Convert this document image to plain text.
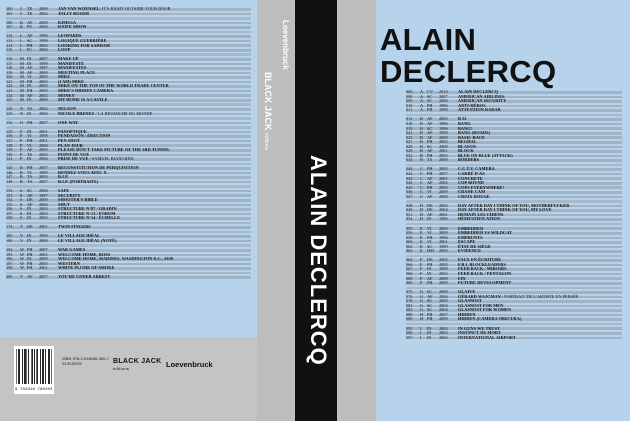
100	J	TE	2009	JAN VAN WOENSEL/ IT'S RIGHT OUTSIDE YOUR DOOR
101	J	TE	2002	JOLLY ROGER
106	K AF	2009	KIMUSA
107	K PS	2006	KNIFE SHOW
112	L	AF	1999	LEOPARDS
113	L	SC	1999	LOGIQUE GUERRIÈRE
114	L	PH	2003	LOOKING FOR SADDAM
115	L	PC	2006	LOOP
116	M IN	2007	MAKE UP
117	M IN	1999	MANIFESTE
118	M AF	1997	MANIFESTES
119	M AF	2009	MEETING PLACE
120	M VI	2005	MIKE
121	M PH	2005	(I AM) MIKE
122	M IN	2005	MIKE ON THE TOP OF THE WORLD TRADE CENTER
123	M PH	2005	MIKE'S HIDDEN CAMERA
124	M AF	2002	MONEY
125	M IN	2009	MY HOME IS A CASTLE
128	N TA	2002	NELSON
129	N IN	2006	NICOLE BRENEZ / LA REVANCHE DU MONDE
132	O PH	2007	ONE WAY
135	P	IN	2001	PANOPTIQUE
136	P	VI	1998	PENDAISON / ÉRECTION
137	P	PH	2001	PEN SHOT
138	P	VI	2006	PLAN JOUR
139	P	AF	2009	PLEASE DON'T TAKE PICTURE OF THE 3RD TUNNEL
140	P	TA	2005	POINT DE VUE
141	P	IN	2006	PRISE DE VUE / SAMUEL BIANCHINI
145	R PH	2007	RECONSTITUTION DE PERQUISITION
146	R VI	1999	RENDEZ-VOUS AVEC X
147	R TA	2003	R.I.P.
148	R TA	2007	R.I.P. (PORTRAITS)
152	S	SC	2006	SAFE
153	S	AF	1997	SECURITY
154	S	DE	2009	SHOOTER'S BIBLE
155	S	AF	2006	SHUT
156	S	IN	2003	STRUCTURE N°87 / GRADIN
157	S	IN	2003	STRUCTURE N°13 / FORUM
158	S	IN	2003	STRUCTURE N°14 / ÉCHELLE
174	T	DE	2001	TWIN FINGERS
185	V IN	1999	LE VILLAGE IDÉAL
186	V IN	2000	LE VILLAGE IDÉAL (NOYÉ)
194	W PH	2007	WAR GAMES
195	W PH	2001	WELCOME HOME, BOSS
196	W IN	2009	WELCOME HOME, MARINES, WASHINGTON D.C., 2030
197	W PH	2005	WESTERN
198	W PH	2001	WHITE PLUME OF SMOKE
200	Y AF	2007	YOU'RE UNDER ARREST
9 782918 780203
ISBN 978-2-918046-500-7
23 EUROS	BLACK JACK
éditions	Loevenbruck
Loevenbruck
BLACK JACK éditions
ALAIN DECLERCQ
006	A CV	2010	ALAIN DECLERCQ
008	A SC	2007	AMERICAN AIRLINES
009	A SC	2006	AMERICAN SECURITY
010	A PH	1996	ANTI-HÉROS
011	A PH	1999	ATTENTION RADAR
012	B AF	2003	B 52
018	B AF	1996	BANG
019	B SC	1996	BANG!
021	B AF	1999	BANG (ROADS)
025	B AF	2009	BASIC RACE
027	B PH	2005	BEGHAL
028	B SC	2009	BLASON
029	B AF	2001	BLOCK
032	B PH	2005	BLUE ON BLUE (ATTACK)
034	B TA	2009	BORDERS
040	C PH	2005	C.C.T.V. CAMERA
042	C PH	2007	CARRÉ D'AS
043	C AF	2001	CONCRETE
044	C AF	2002	COP BOUND
045	C PH	2005	COPS EVERYWHERE!
046	C VI	2009	CRANE CAM
047	C AF	2000	CROIX ROUGE
048	D DE	2004	DAY AFTER DAY I THINK OF YOU, MOTHERFUCKER
049	D DE	2004	DAY AFTER DAY I THINK OF YOU, MY LOVE
051	D AF	2001	DEMAIN LES CHIENS
054	D IN	1996	DÉMYSTIFICATION
055	E	VI	2009	EMBEDDED
056	E	VI	2009	EMBEDDED VS WILDCAT
058	E	PH	1996	EMPRUNTS
060	E	VI	2001	ESCAPE
062	E	SC	1999	ÉTAT DE SIÈGE
063	E	DM	2003	EVIDENCE
064	F	DE	2002	FAUX EN ÉCRITURE
066	F	PH	2005	F.B.I. BLOCKLEADERS
067	F	IN	1999	FEED BACK / MIROIRS
068	F	IN	2003	FEED BACK / PENTAGON
069	F	AF	2009	FIN
069	F	PH	2009	FUTURE DEVELOPMENT
075	G SC	2009	GLAIVE
076	G AF	2006	GÉRARD WAJCMAN / PORTRAIT DE L'ARTISTE EN PERSÉE
078	G SC	2003	GLASNOST
084	G SC	2004	GLASNOST FOR MEN
085	G SC	2004	GLASNOST FOR WOMEN
088	H PH	2007	HIDDEN
089	H PH	2009	HIDDEN (CAMERA OBSCURA)
095	I	IN	2003	IN GUNS WE TRUST
096	I	IN	2003	INSTINCT DE MORT
097	I	IN	2003	INTERNATIONAL AIRPORT
ALAIN
DECLERCQ
